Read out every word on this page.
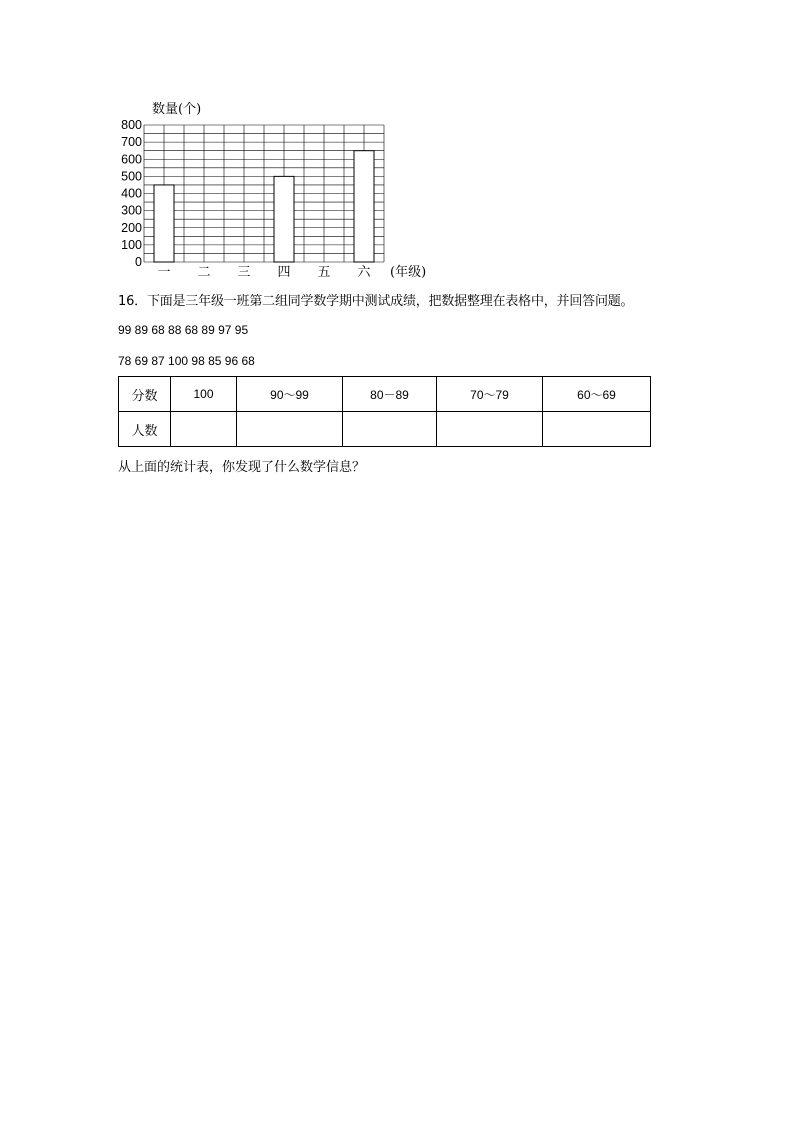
数量(个)
0
100
200
300
400
500
600
700
800
一 二 三 四 五 六 (年级)
16．下面是三年级一班第二组同学数学期中测试成绩，把数据整理在表格中，并回答问题。
99 89 68 88 68 89 97 95
78 69 87 100 98 85 96 68
分数	100	90～99	80－89	70～79	60～69
人数					
从上面的统计表，你发现了什么数学信息？
